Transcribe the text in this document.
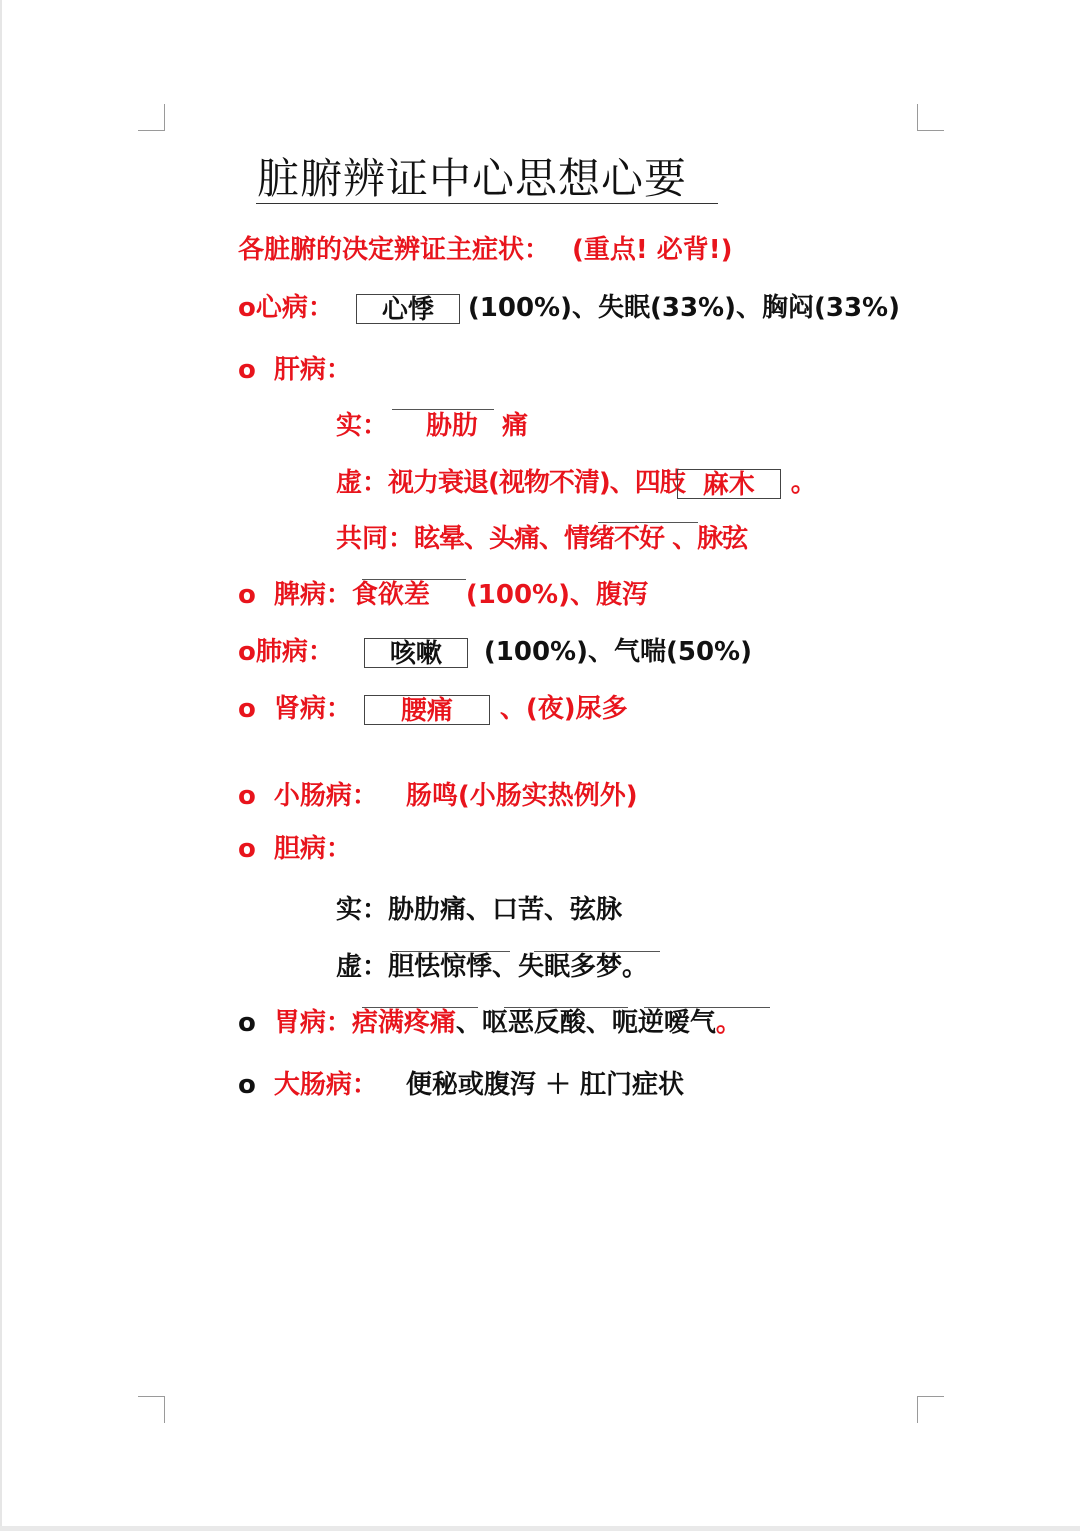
脏腑辨证中心思想心要
各脏腑的决定辨证主症状： (重点! 必背!)
o心病： 心悸 (100%)、失眠(33%)、胸闷(33%)
o 肝病：
实： 胁肋 痛
虚：视力衰退(视物不清)、四肢 麻木 。
共同：眩晕、头痛、情绪不好 、脉弦
o 脾病：食欲差 (100%)、腹泻
o肺病： 咳嗽 (100%)、气喘(50%)
o 肾病： 腰痛 、(夜)尿多
o 小肠病： 肠鸣(小肠实热例外)
o 胆病：
实：胁肋痛、口苦、弦脉
虚：胆怯惊悸、失眠多梦。
o 胃病：痞满疼痛、呕恶反酸、呃逆嗳气。
o 大肠病： 便秘或腹泻 ＋ 肛门症状
